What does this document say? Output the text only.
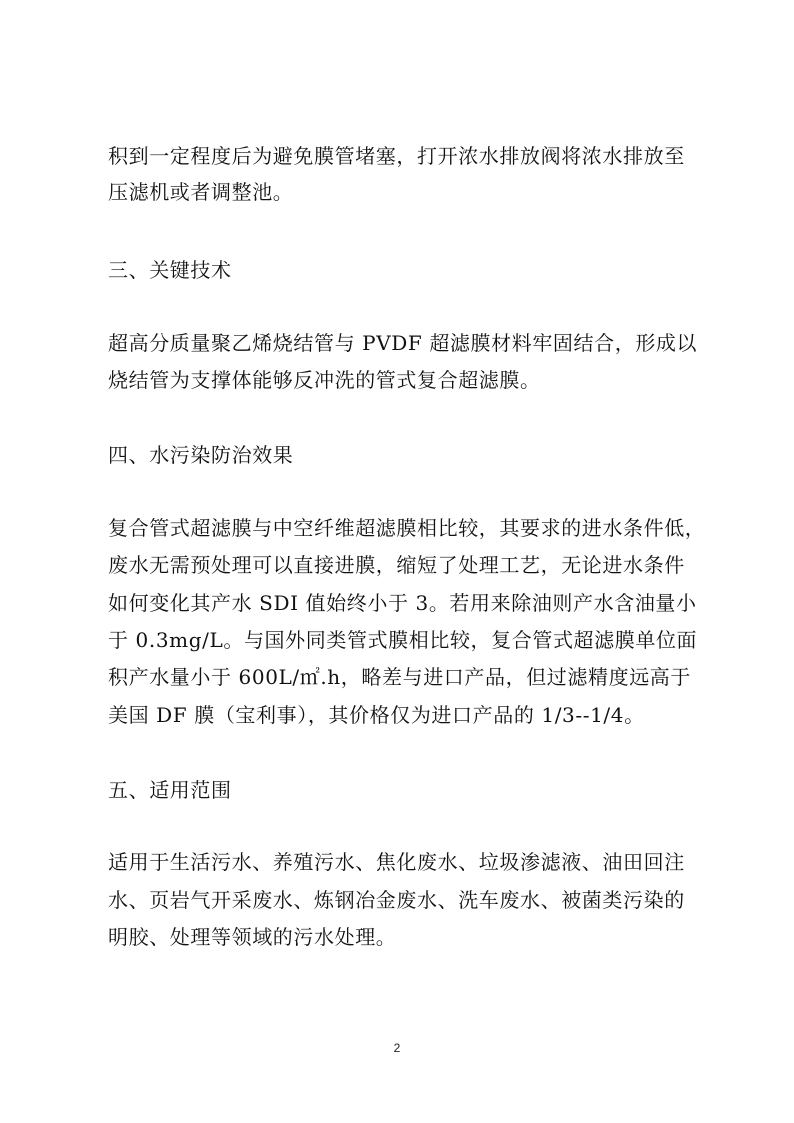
积到一定程度后为避免膜管堵塞，打开浓水排放阀将浓水排放至
压滤机或者调整池。
三、关键技术
超高分质量聚乙烯烧结管与 PVDF 超滤膜材料牢固结合，形成以
烧结管为支撑体能够反冲洗的管式复合超滤膜。
四、水污染防治效果
复合管式超滤膜与中空纤维超滤膜相比较，其要求的进水条件低，
废水无需预处理可以直接进膜，缩短了处理工艺，无论进水条件
如何变化其产水 SDI 值始终小于 3。若用来除油则产水含油量小
于 0.3mg/L。与国外同类管式膜相比较，复合管式超滤膜单位面
积产水量小于 600L/㎡.h，略差与进口产品，但过滤精度远高于
美国 DF 膜（宝利事），其价格仅为进口产品的 1/3--1/4。
五、适用范围
适用于生活污水、养殖污水、焦化废水、垃圾渗滤液、油田回注
水、页岩气开采废水、炼钢冶金废水、洗车废水、被菌类污染的
明胶、处理等领域的污水处理。
2
